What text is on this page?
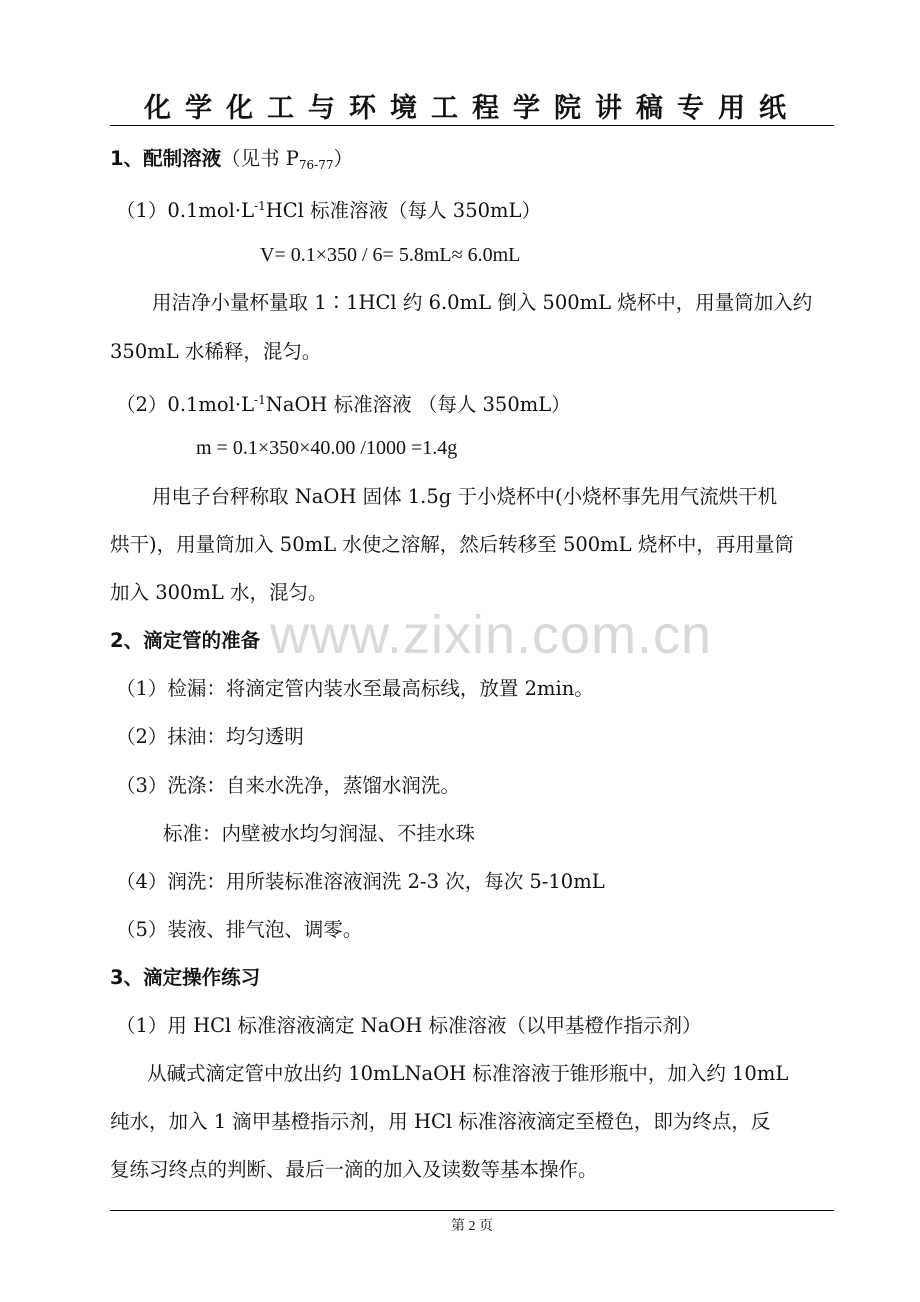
化学化工与环境工程学院讲稿专用纸
www.zixin.com.cn
1、配制溶液（见书 $P_{76-77}$）
$(1)0.1mol\cdot L^{-1}HCl$ 标准溶液（每人 350mL）
V= 0.1×350 / 6= 5.8mL≈ 6.0mL
用洁净小量杯量取 1∶1HCl 约 6.0mL 倒入 500mL 烧杯中，用量筒加入约
350mL 水稀释，混匀。
$(2)0.1mol\cdot L^{-1}NaOH$ 标准溶液 （每人 350mL）
m = 0.1×350×40.00 /1000 =1.4g
用电子台秤称取 NaOH 固体 1.5g 于小烧杯中(小烧杯事先用气流烘干机
烘干)，用量筒加入 50mL 水使之溶解，然后转移至 500mL 烧杯中，再用量筒
加入 300mL 水，混匀。
2、滴定管的准备
（1）检漏：将滴定管内装水至最高标线，放置 2min。
（2）抹油：均匀透明
（3）洗涤：自来水洗净，蒸馏水润洗。
标准：内壁被水均匀润湿、不挂水珠
（4）润洗：用所装标准溶液润洗 2-3 次，每次 5-10mL
（5）装液、排气泡、调零。
3、滴定操作练习
（1）用 HCl 标准溶液滴定 NaOH 标准溶液（以甲基橙作指示剂）
从碱式滴定管中放出约 10mLNaOH 标准溶液于锥形瓶中，加入约 10mL
纯水，加入 1 滴甲基橙指示剂，用 HCl 标准溶液滴定至橙色，即为终点，反
复练习终点的判断、最后一滴的加入及读数等基本操作。
第 2 页
